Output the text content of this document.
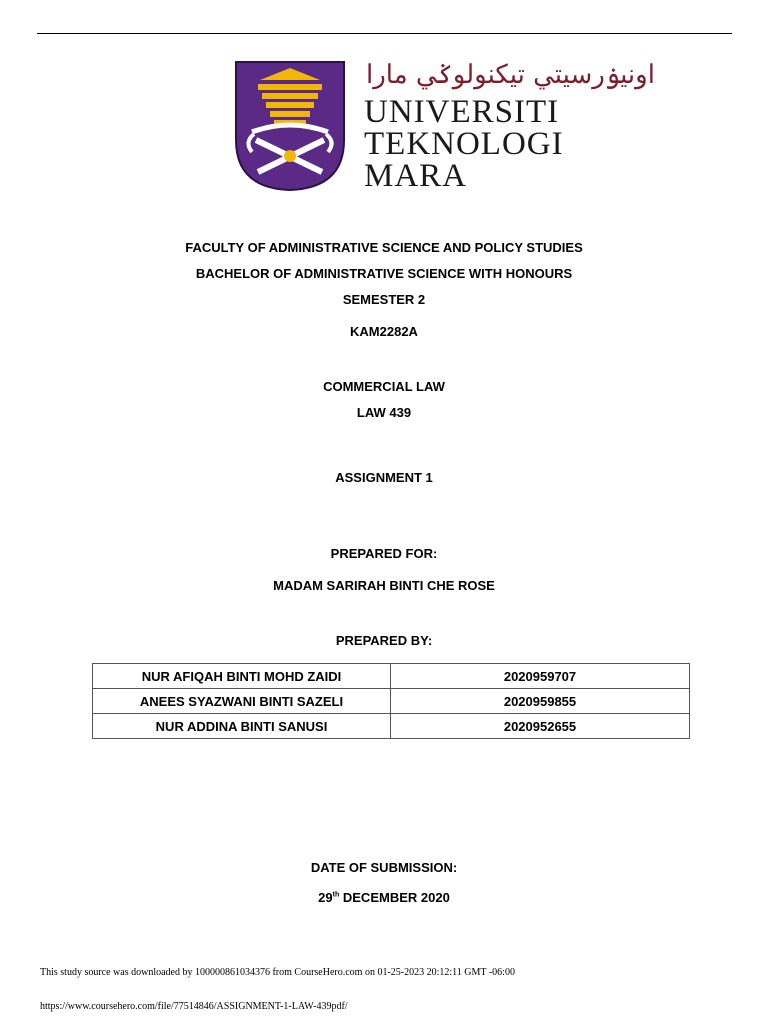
اونيۏرسيتي تيکنولوݢي مارا
UNIVERSITI
TEKNOLOGI
MARA
FACULTY OF ADMINISTRATIVE SCIENCE AND POLICY STUDIES
BACHELOR OF ADMINISTRATIVE SCIENCE WITH HONOURS
SEMESTER 2
KAM2282A
COMMERCIAL LAW
LAW 439
ASSIGNMENT 1
PREPARED FOR:
MADAM SARIRAH BINTI CHE ROSE
PREPARED BY:
NUR AFIQAH BINTI MOHD ZAIDI	2020959707
ANEES SYAZWANI BINTI SAZELI	2020959855
NUR ADDINA BINTI SANUSI	2020952655
DATE OF SUBMISSION:
29th DECEMBER 2020
This study source was downloaded by 100000861034376 from CourseHero.com on 01-25-2023 20:12:11 GMT -06:00
https://www.coursehero.com/file/77514846/ASSIGNMENT-1-LAW-439pdf/
